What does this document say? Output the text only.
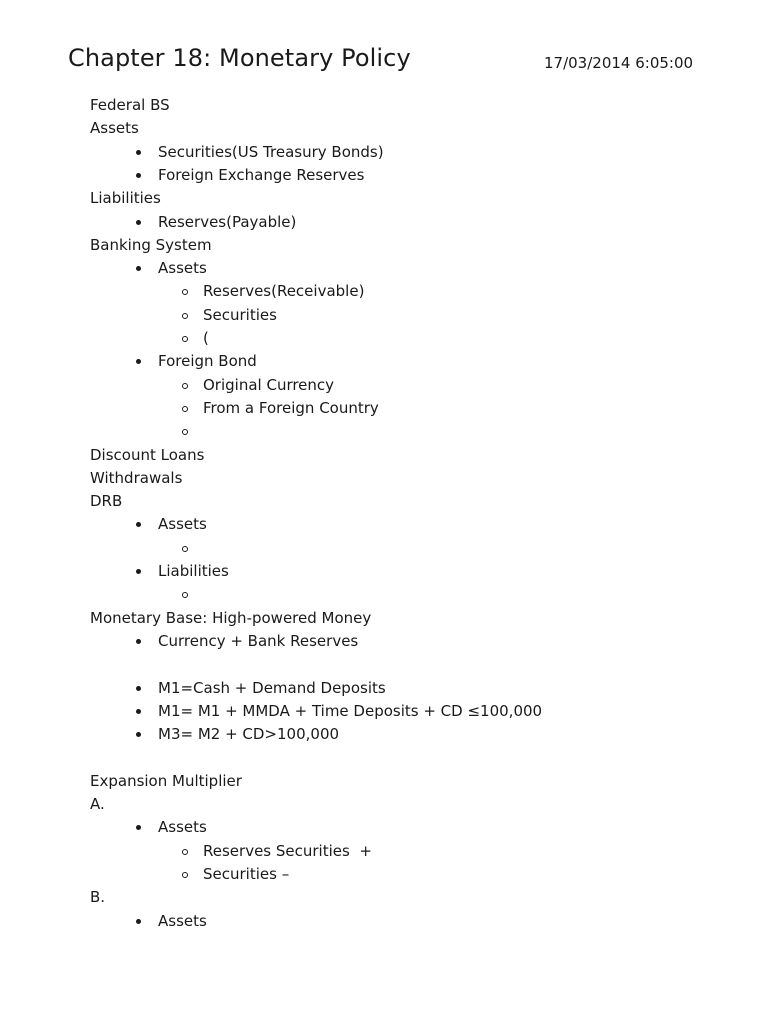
Chapter 18: Monetary Policy	17/03/2014 6:05:00
Federal BS
Assets
Securities(US Treasury Bonds)
Foreign Exchange Reserves
Liabilities
Reserves(Payable)
Banking System
Assets
Reserves(Receivable)
Securities
(
Foreign Bond
Original Currency
From a Foreign Country
Discount Loans
Withdrawals
DRB
Assets
Liabilities
Monetary Base: High-powered Money
Currency + Bank Reserves
M1=Cash + Demand Deposits
M1= M1 + MMDA + Time Deposits + CD ≤100,000
M3= M2 + CD>100,000
Expansion Multiplier
A.
Assets
Reserves Securities  +
Securities –
B.
Assets
